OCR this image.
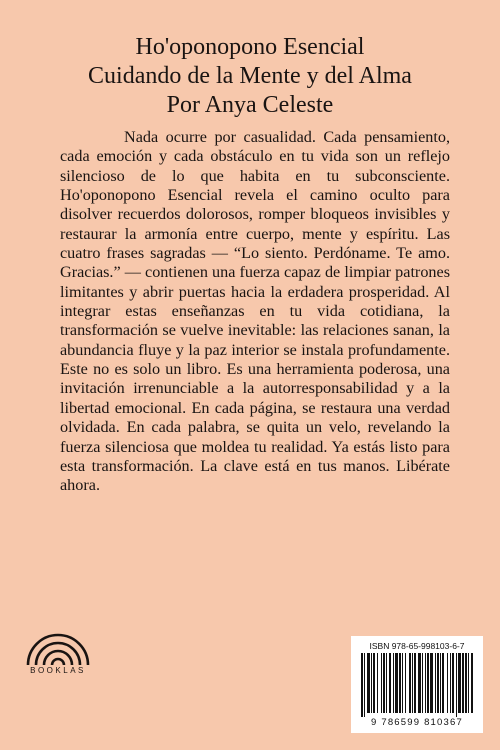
Ho'oponopono Esencial
Cuidando de la Mente y del Alma
Por Anya Celeste

Nada ocurre por casualidad. Cada pensamiento, cada emoción y cada obstáculo en tu vida son un reflejo silencioso de lo que habita en tu subconsciente. Ho'oponopono Esencial revela el camino oculto para disolver recuerdos dolorosos, romper bloqueos invisibles y restaurar la armonía entre cuerpo, mente y espíritu. Las cuatro frases sagradas — “Lo siento. Perdóname. Te amo. Gracias.” — contienen una fuerza capaz de limpiar patrones limitantes y abrir puertas hacia la erdadera prosperidad. Al integrar estas enseñanzas en tu vida cotidiana, la transformación se vuelve inevitable: las relaciones sanan, la abundancia fluye y la paz interior se instala profundamente. Este no es solo un libro. Es una herramienta poderosa, una invitación irrenunciable a la autorresponsabilidad y a la libertad emocional. En cada página, se restaura una verdad olvidada. En cada palabra, se quita un velo, revelando la fuerza silenciosa que moldea tu realidad. Ya estás listo para esta transformación. La clave está en tus manos. Libérate ahora.

BOOKLAS
ISBN 978-65-998103-6-7
9 786599 810367
